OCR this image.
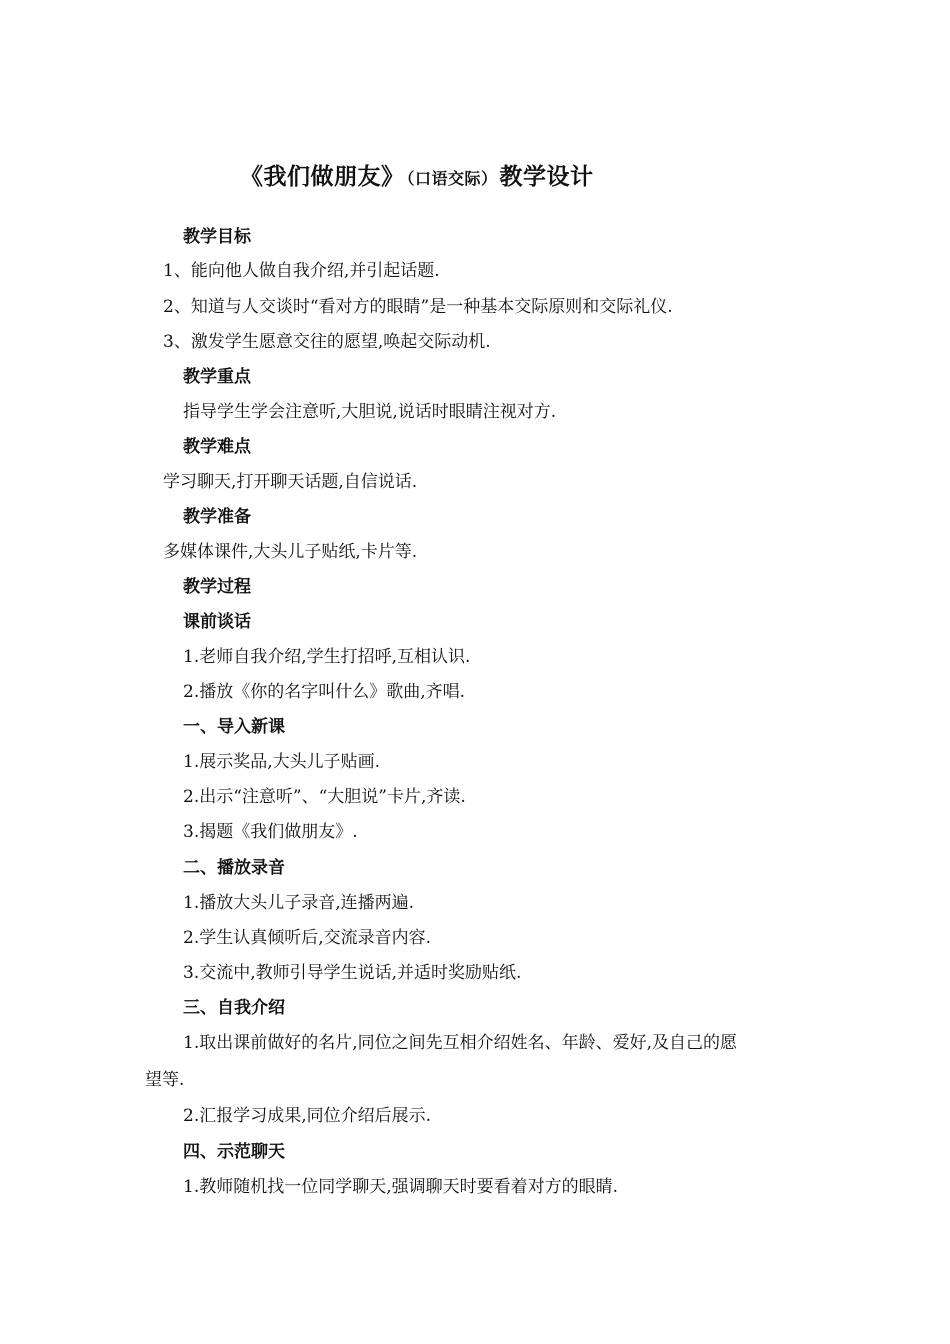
《我们做朋友》 （口语交际）教学设计
教学目标
1、能向他人做自我介绍,并引起话题.
2、知道与人交谈时“看对方的眼睛”是一种基本交际原则和交际礼仪.
3、激发学生愿意交往的愿望,唤起交际动机.
教学重点
指导学生学会注意听,大胆说,说话时眼睛注视对方.
教学难点
学习聊天,打开聊天话题,自信说话.
教学准备
多媒体课件,大头儿子贴纸,卡片等.
教学过程
课前谈话
1.老师自我介绍,学生打招呼,互相认识.
2.播放《你的名字叫什么》歌曲,齐唱.
一、导入新课
1.展示奖品,大头儿子贴画.
2.出示“注意听”、“大胆说”卡片,齐读.
3.揭题《我们做朋友》.
二、播放录音
1.播放大头儿子录音,连播两遍.
2.学生认真倾听后,交流录音内容.
3.交流中,教师引导学生说话,并适时奖励贴纸.
三、自我介绍
1.取出课前做好的名片,同位之间先互相介绍姓名、年龄、爱好,及自己的愿
望等.
2.汇报学习成果,同位介绍后展示.
四、示范聊天
1.教师随机找一位同学聊天,强调聊天时要看着对方的眼睛.
